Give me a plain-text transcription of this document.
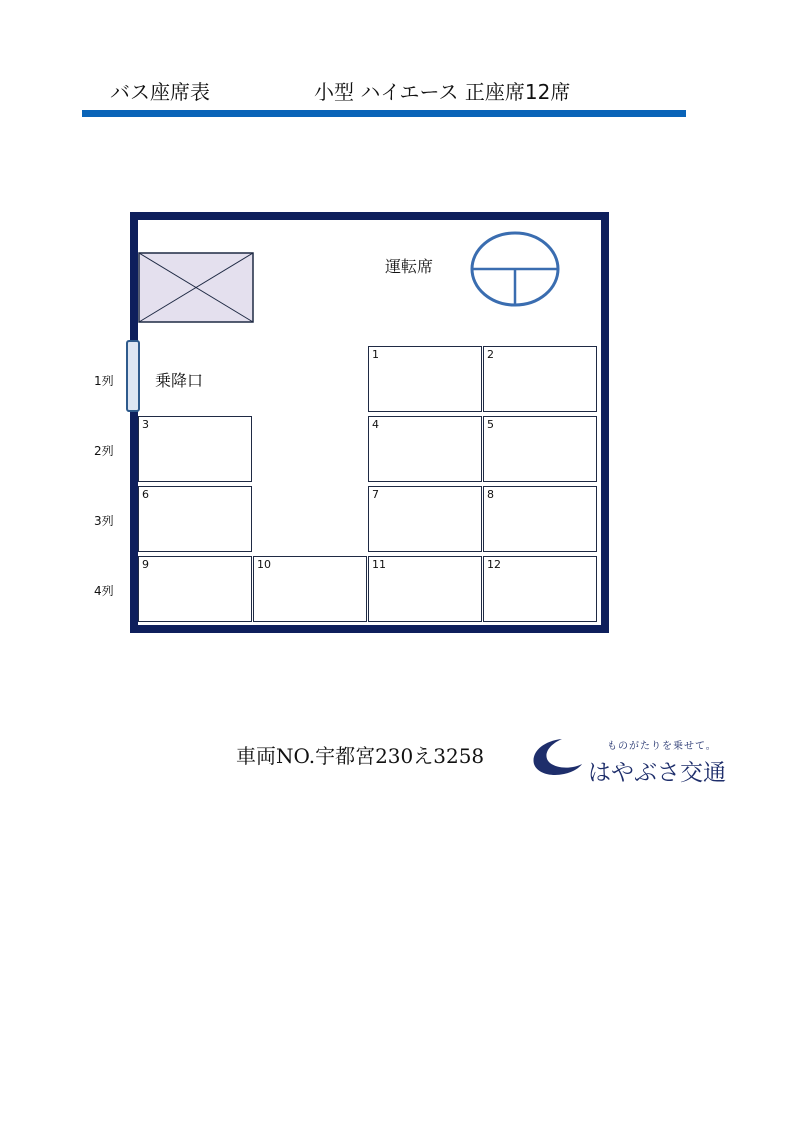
バス座席表	小型 ハイエース 正座席12席
運転席
乗降口
1列
2列
3列
4列
1	2
3	4	5
6	7	8
9	10	11	12
車両NO.宇都宮230え3258	ものがたりを乗せて。
はやぶさ交通
